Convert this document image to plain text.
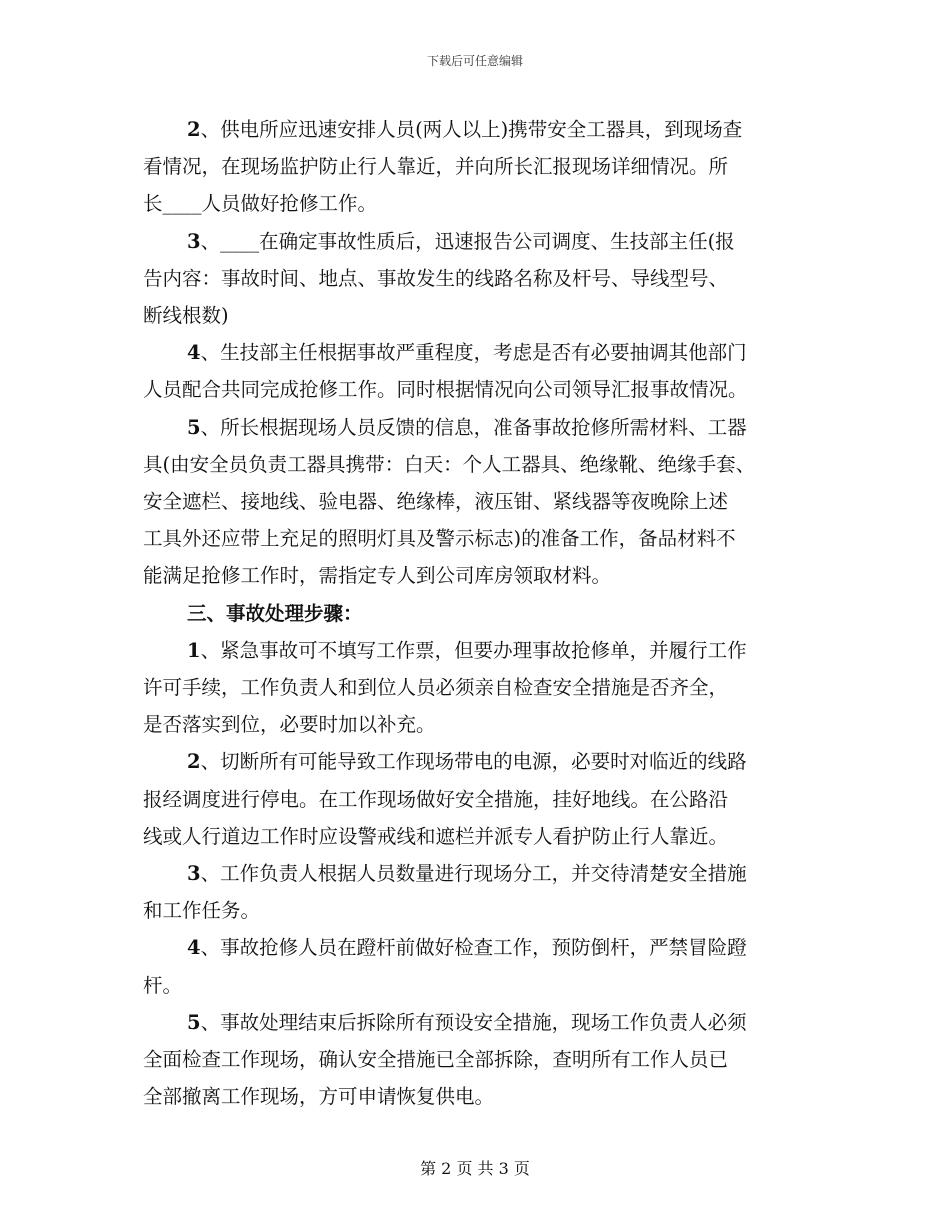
下载后可任意编辑
2、供电所应迅速安排人员(两人以上)携带安全工器具，到现场查
看情况，在现场监护防止行人靠近，并向所长汇报现场详细情况。所
长____人员做好抢修工作。
3、____在确定事故性质后，迅速报告公司调度、生技部主任(报
告内容：事故时间、地点、事故发生的线路名称及杆号、导线型号、
断线根数)
4、生技部主任根据事故严重程度，考虑是否有必要抽调其他部门
人员配合共同完成抢修工作。同时根据情况向公司领导汇报事故情况。
5、所长根据现场人员反馈的信息，准备事故抢修所需材料、工器
具(由安全员负责工器具携带：白天：个人工器具、绝缘靴、绝缘手套、
安全遮栏、接地线、验电器、绝缘棒，液压钳、紧线器等夜晚除上述
工具外还应带上充足的照明灯具及警示标志)的准备工作，备品材料不
能满足抢修工作时，需指定专人到公司库房领取材料。
三、事故处理步骤：
1、紧急事故可不填写工作票，但要办理事故抢修单，并履行工作
许可手续，工作负责人和到位人员必须亲自检查安全措施是否齐全，
是否落实到位，必要时加以补充。
2、切断所有可能导致工作现场带电的电源，必要时对临近的线路
报经调度进行停电。在工作现场做好安全措施，挂好地线。在公路沿
线或人行道边工作时应设警戒线和遮栏并派专人看护防止行人靠近。
3、工作负责人根据人员数量进行现场分工，并交待清楚安全措施
和工作任务。
4、事故抢修人员在蹬杆前做好检查工作，预防倒杆，严禁冒险蹬
杆。
5、事故处理结束后拆除所有预设安全措施，现场工作负责人必须
全面检查工作现场，确认安全措施已全部拆除，查明所有工作人员已
全部撤离工作现场，方可申请恢复供电。
第 2 页 共 3 页
